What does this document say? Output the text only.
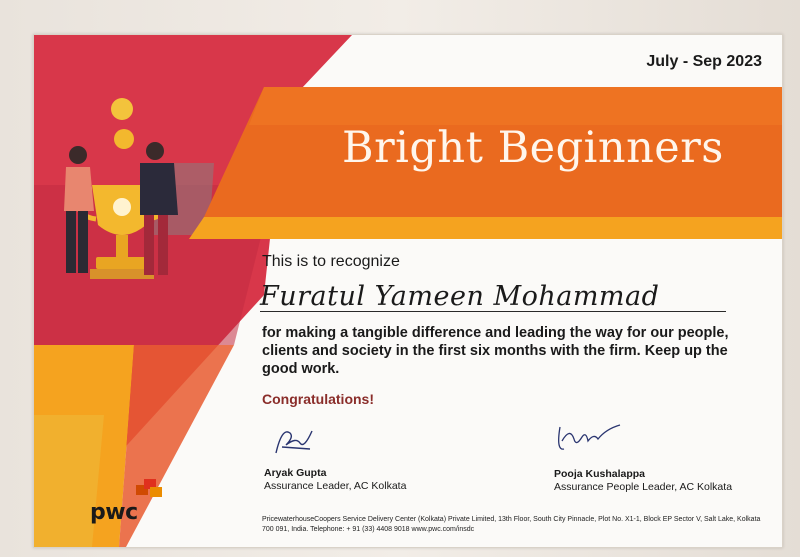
July - Sep 2023
Bright Beginners
This is to recognize
Furatul Yameen Mohammad
for making a tangible difference and leading the way for our people, clients and society in the first six months with the firm. Keep up the good work.
Congratulations!
Aryak Gupta
Assurance Leader, AC Kolkata
Pooja Kushalappa
Assurance People Leader, AC Kolkata
PricewaterhouseCoopers Service Delivery Center (Kolkata) Private Limited, 13th Floor, South City Pinnacle, Plot No. X1-1, Block EP Sector V, Salt Lake, Kolkata 700 091, India. Telephone: + 91 (33) 4408 9018 www.pwc.com/insdc
pwc
